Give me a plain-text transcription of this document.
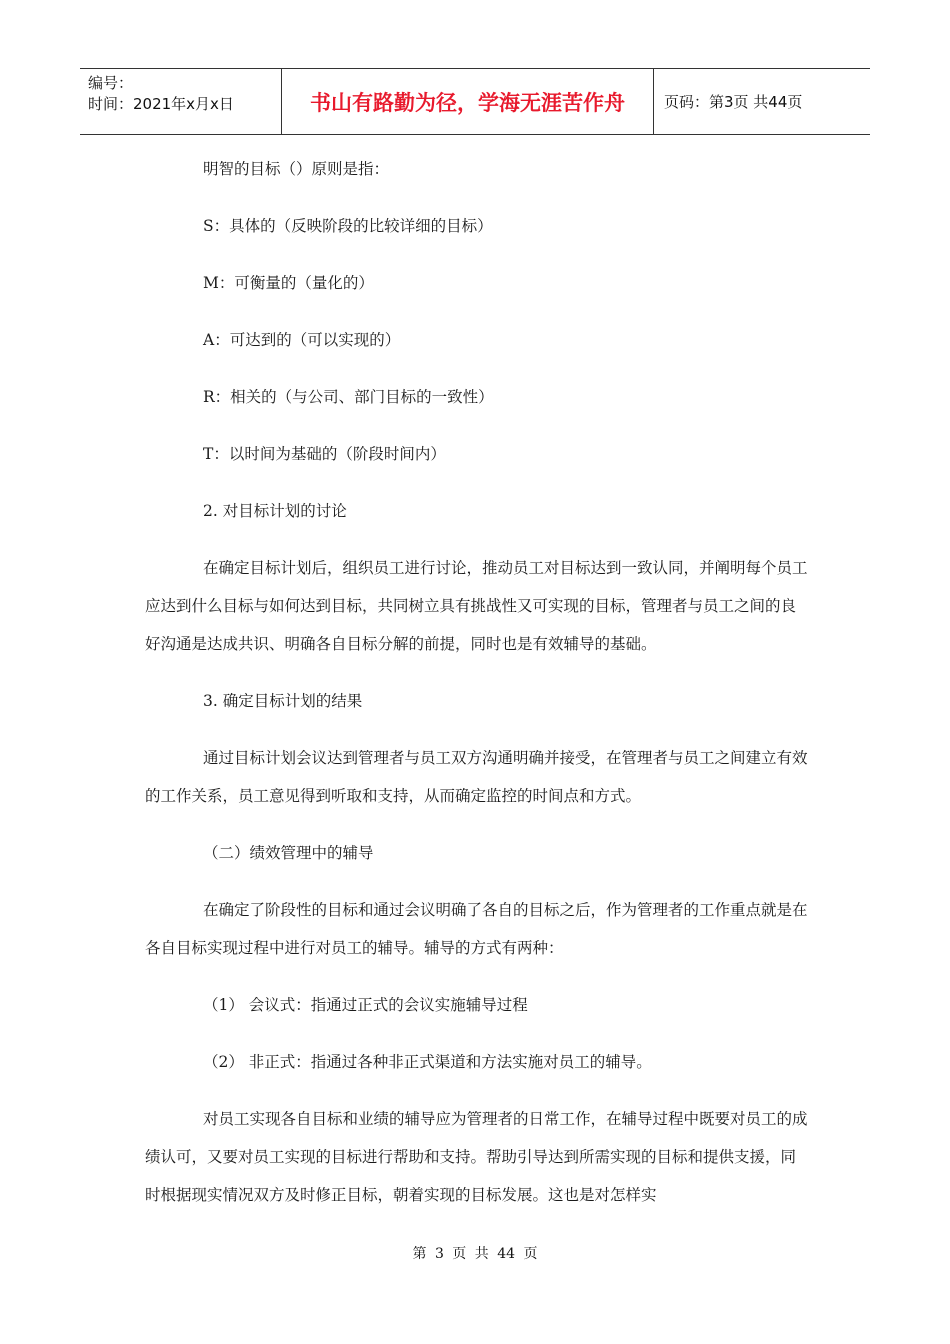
编号：
时间：2021年x月x日	书山有路勤为径，学海无涯苦作舟	页码：第3页 共44页

明智的目标（）原则是指：

S：具体的（反映阶段的比较详细的目标）

M：可衡量的（量化的）

A：可达到的（可以实现的）

R：相关的（与公司、部门目标的一致性）

T：以时间为基础的（阶段时间内）

2. 对目标计划的讨论

在确定目标计划后，组织员工进行讨论，推动员工对目标达到一致认同，并阐明每个员工应达到什么目标与如何达到目标，共同树立具有挑战性又可实现的目标，管理者与员工之间的良好沟通是达成共识、明确各自目标分解的前提，同时也是有效辅导的基础。

3. 确定目标计划的结果

通过目标计划会议达到管理者与员工双方沟通明确并接受，在管理者与员工之间建立有效的工作关系，员工意见得到听取和支持，从而确定监控的时间点和方式。

（二）绩效管理中的辅导

在确定了阶段性的目标和通过会议明确了各自的目标之后，作为管理者的工作重点就是在各自目标实现过程中进行对员工的辅导。辅导的方式有两种：

（1） 会议式：指通过正式的会议实施辅导过程

（2） 非正式：指通过各种非正式渠道和方法实施对员工的辅导。

对员工实现各自目标和业绩的辅导应为管理者的日常工作，在辅导过程中既要对员工的成绩认可，又要对员工实现的目标进行帮助和支持。帮助引导达到所需实现的目标和提供支援，同时根据现实情况双方及时修正目标，朝着实现的目标发展。这也是对怎样实

第 3 页 共 44 页
